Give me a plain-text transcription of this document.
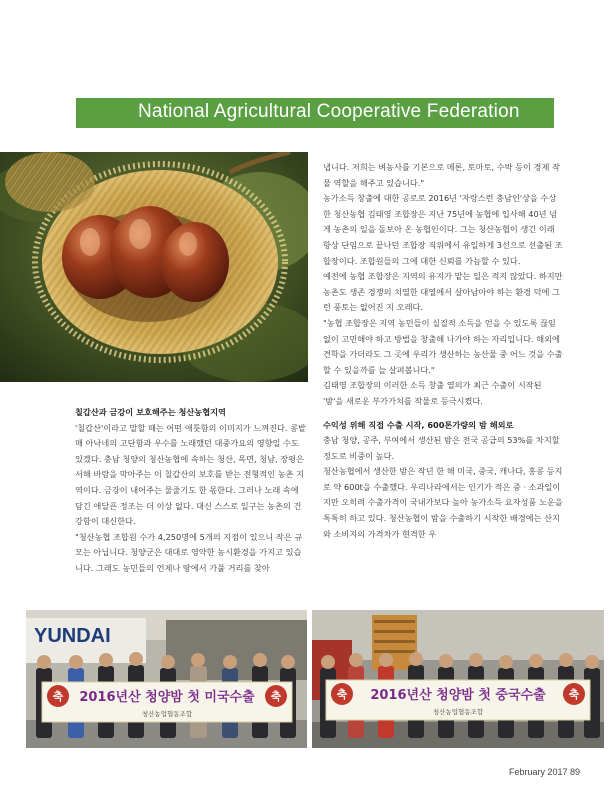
National Agricultural Cooperative Federation

칠갑산과 금강이 보호해주는 청산농협지역

'칠갑산'이라고 말할 때는 어떤 애틋함의 이미지가 느껴진다. 콩밭 매 아낙네의 고단함과 우수를 노래했던 대중가요의 영향일 수도 있겠다. 충남 청양의 청산농협에 속하는 청산, 목면, 청남, 장평은 서해 바람을 막아주는 이 칠갑산의 보호를 받는 전형적인 농촌 지역이다. 금강이 내어주는 물줄기도 한 몫한다. 그러나 노래 속에 담긴 애달픈 정조는 더 이상 없다. 대신 스스로 일구는 농촌의 건강함이 대신한다.

"청산농협 조합원 수가 4,250명에 5개의 지점이 있으니 작은 규모는 아닙니다. 청양군은 대대로 영약한 농시환경을 가지고 있습니다. 그래도 농민들의 언제나 땅에서 가풀 거리를 찾아

냅니다. 저희는 벼농사를 기본으로 메론, 토마토, 수박 등이 경제 작물 역할을 해주고 있습니다."

농가소득 창출에 대한 공로로 2016년 '자랑스런 충남인'상을 수상한 청산농협 김태영 조합장은 지난 75년에 농협에 입사해 40년 넘게 농촌의 일을 돌보아 온 농협인이다. 그는 청산농협이 생긴 이래 항상 단임으로 끝나던 조합장 직위에서 유일하게 3선으로 선출된 조합장이다. 조합원들의 그에 대한 신뢰를 가늠할 수 있다.

예전에 농협 조합장은 지역의 유지가 맡는 일은 적지 않았다. 하지만 농촌도 생존 경쟁의 치열한 대열에서 살아남아야 하는 환경 덕에 그런 풍토는 없어진 지 오래다.

"농협 조합장은 지역 농민들이 실질적 소득을 얻을 수 있도록 끊임없이 고민해야 하고 방법을 창출해 나가야 하는 자리입니다. 해외에 견학을 가더라도 그 곳에 우리가 생산하는 농산물 중 어느 것을 수출할 수 있을까를 늘 살펴봅니다."

김태영 조합장의 이러한 소득 창출 열의가 최근 수출이 시작된 '밤'을 새로운 부가가치를 작물로 등극시켰다.

수익성 위해 직접 수출 시작, 600톤가량의 밤 해외로

충남 청양, 공주, 부여에서 생산된 밤은 전국 공급의 53%를 차지할 정도로 비중이 높다.

청산농협에서 생산한 밤은 작년 한 해 미국, 중국, 캐나다, 홍콩 등지로 약 600t을 수출했다. 우리나라에서는 인기가 적은 중 · 소과일이지만 오히려 수출가격이 국내가보다 높아 농가소득 요자성품 노운을 톡톡히 하고 있다. 청산농협이 밤을 수출하기 시작한 배경에는 산지와 소비지의 가격차가 현격한 우

YUNDAI
축	축
2016년산 청양밤 첫 미국수출
청산농업협동조합
축	축
2016년산 청양밤 첫 중국수출
청산농업협동조합
February 2017 89
